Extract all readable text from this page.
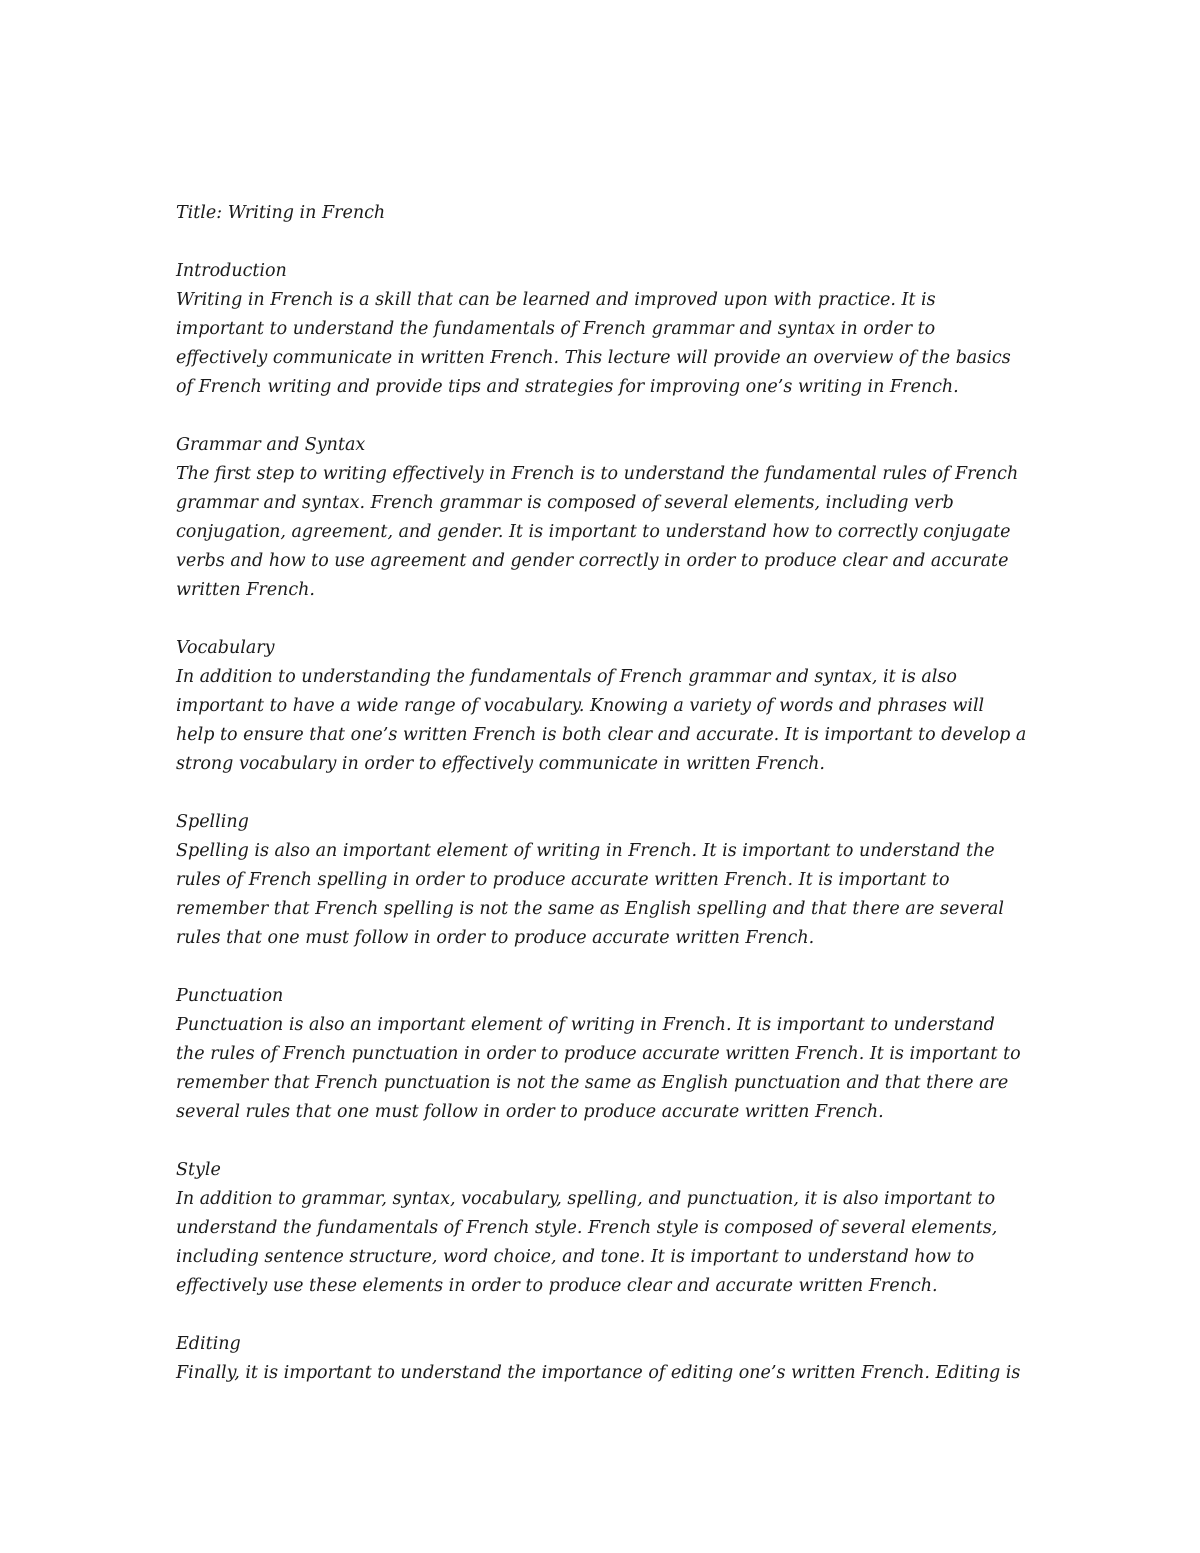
Title: Writing in French
Introduction
Writing in French is a skill that can be learned and improved upon with practice. It is
important to understand the fundamentals of French grammar and syntax in order to
effectively communicate in written French. This lecture will provide an overview of the basics
of French writing and provide tips and strategies for improving one’s writing in French.
Grammar and Syntax
The first step to writing effectively in French is to understand the fundamental rules of French
grammar and syntax. French grammar is composed of several elements, including verb
conjugation, agreement, and gender. It is important to understand how to correctly conjugate
verbs and how to use agreement and gender correctly in order to produce clear and accurate
written French.
Vocabulary
In addition to understanding the fundamentals of French grammar and syntax, it is also
important to have a wide range of vocabulary. Knowing a variety of words and phrases will
help to ensure that one’s written French is both clear and accurate. It is important to develop a
strong vocabulary in order to effectively communicate in written French.
Spelling
Spelling is also an important element of writing in French. It is important to understand the
rules of French spelling in order to produce accurate written French. It is important to
remember that French spelling is not the same as English spelling and that there are several
rules that one must follow in order to produce accurate written French.
Punctuation
Punctuation is also an important element of writing in French. It is important to understand
the rules of French punctuation in order to produce accurate written French. It is important to
remember that French punctuation is not the same as English punctuation and that there are
several rules that one must follow in order to produce accurate written French.
Style
In addition to grammar, syntax, vocabulary, spelling, and punctuation, it is also important to
understand the fundamentals of French style. French style is composed of several elements,
including sentence structure, word choice, and tone. It is important to understand how to
effectively use these elements in order to produce clear and accurate written French.
Editing
Finally, it is important to understand the importance of editing one’s written French. Editing is
